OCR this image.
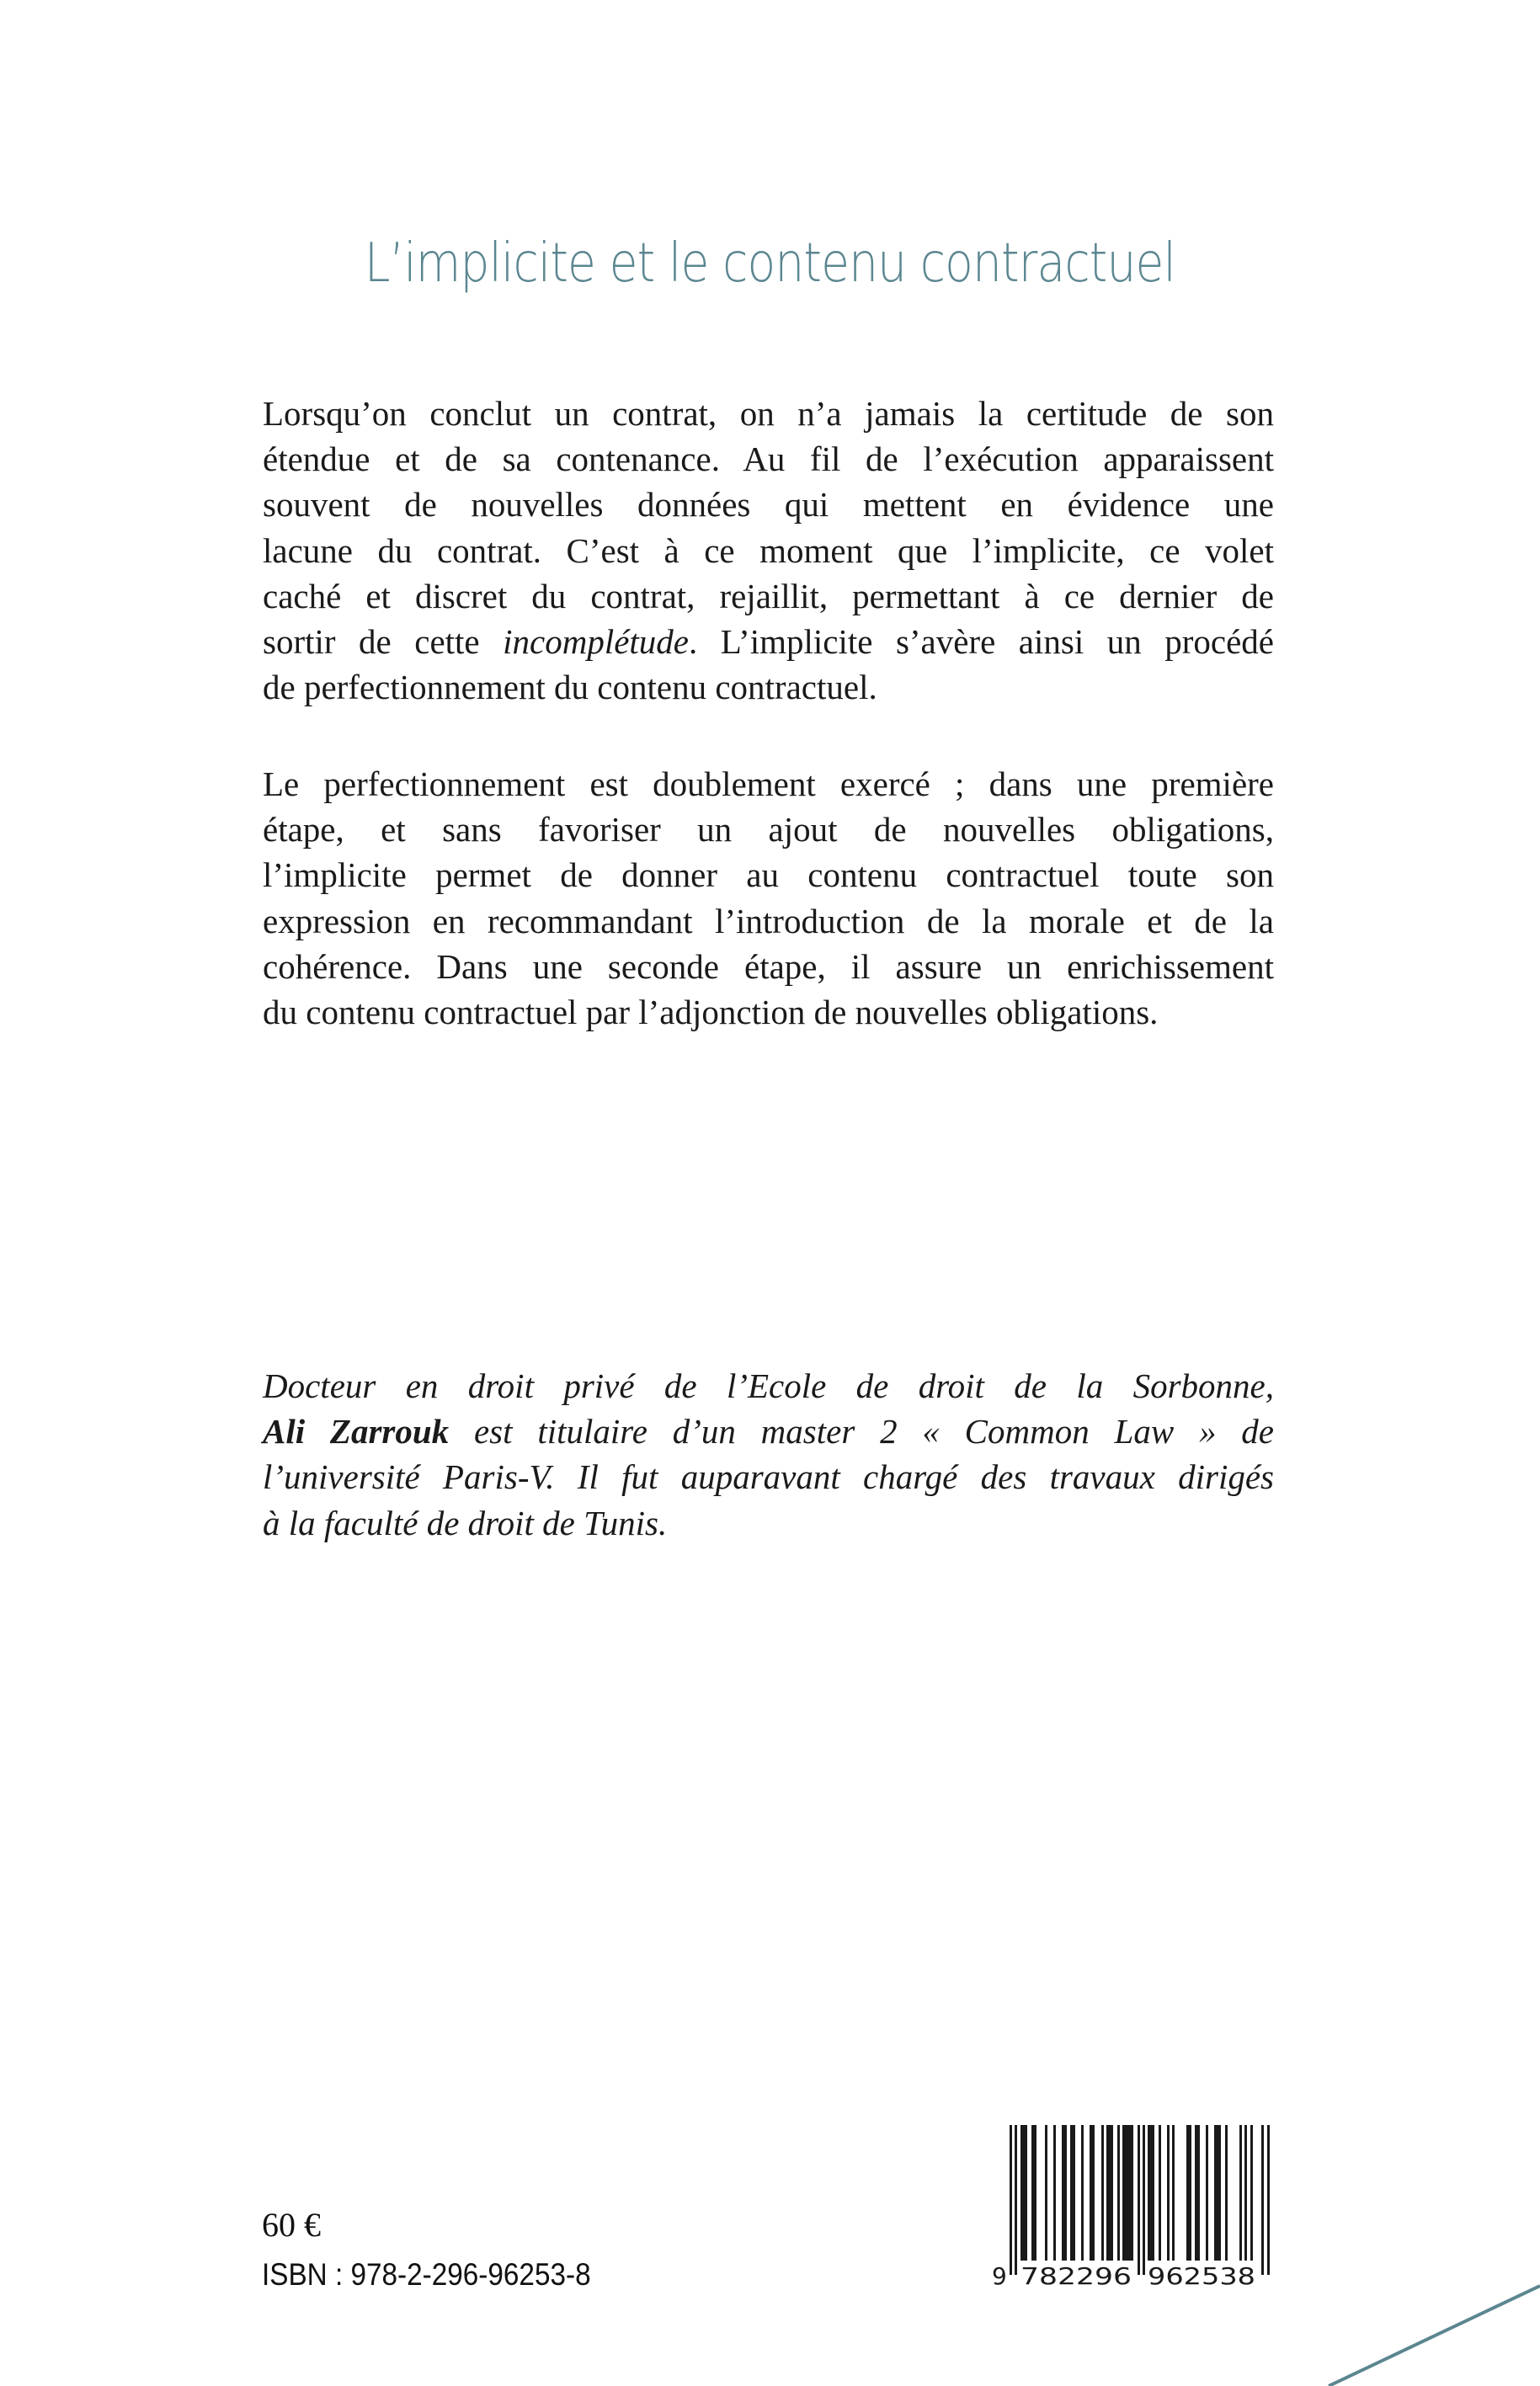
L’implicite et le contenu contractuel
Lorsqu’on conclut un contrat, on n’a jamais la certitude de son
étendue et de sa contenance. Au fil de l’exécution apparaissent
souvent de nouvelles données qui mettent en évidence une
lacune du contrat. C’est à ce moment que l’implicite, ce volet
caché et discret du contrat, rejaillit, permettant à ce dernier de
sortir de cette incomplétude. L’implicite s’avère ainsi un procédé
de perfectionnement du contenu contractuel.
Le perfectionnement est doublement exercé ; dans une première
étape, et sans favoriser un ajout de nouvelles obligations,
l’implicite permet de donner au contenu contractuel toute son
expression en recommandant l’introduction de la morale et de la
cohérence. Dans une seconde étape, il assure un enrichissement
du contenu contractuel par l’adjonction de nouvelles obligations.
Docteur en droit privé de l’Ecole de droit de la Sorbonne,
Ali Zarrouk est titulaire d’un master 2 « Common Law » de
l’université Paris-V. Il fut auparavant chargé des travaux dirigés
à la faculté de droit de Tunis.
60 €
ISBN : 978-2-296-96253-8	9 782296 962538
